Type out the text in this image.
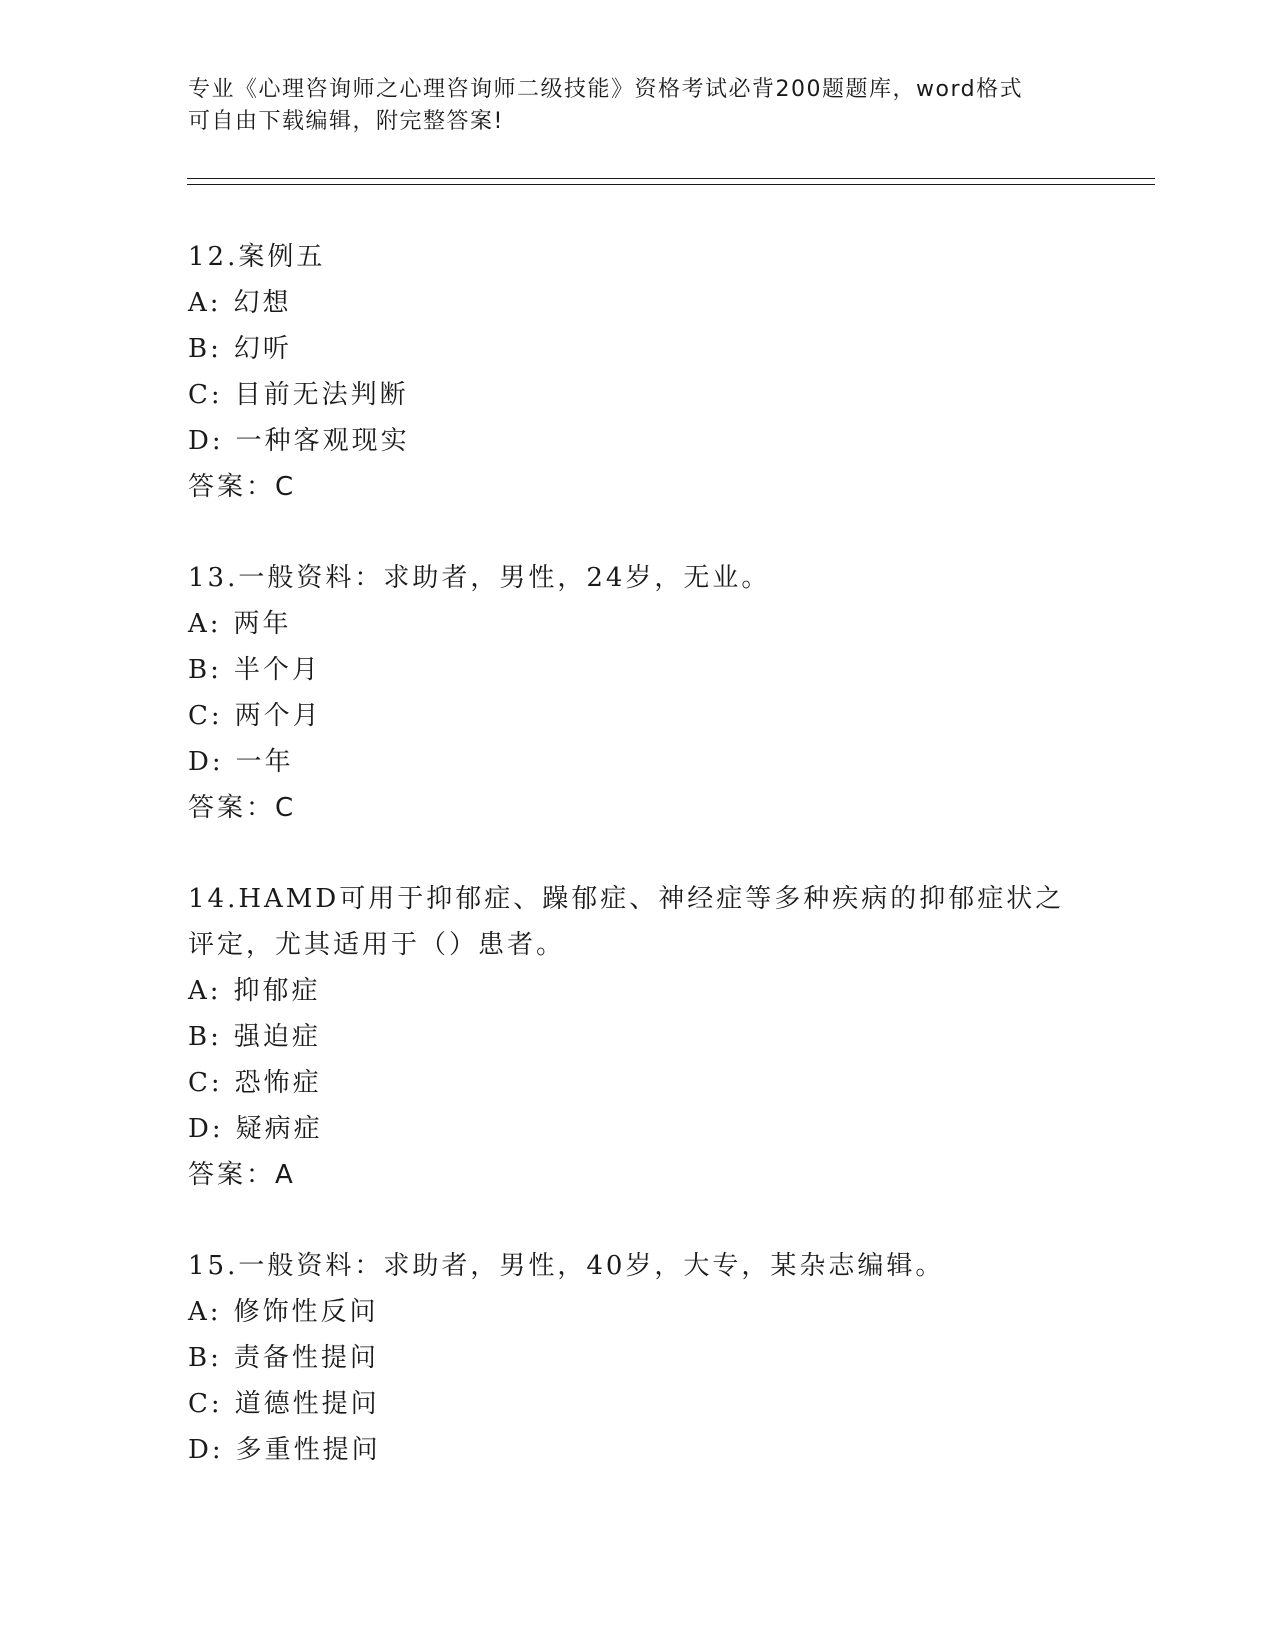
专业《心理咨询师之心理咨询师二级技能》资格考试必背200题题库，word格式
可自由下载编辑，附完整答案!
12.案例五
A: 幻想
B: 幻听
C: 目前无法判断
D: 一种客观现实
答案：C
13.一般资料：求助者，男性，24岁，无业。
A: 两年
B: 半个月
C: 两个月
D: 一年
答案：C
14.HAMD可用于抑郁症、躁郁症、神经症等多种疾病的抑郁症状之评定，尤其适用于（）患者。
A: 抑郁症
B: 强迫症
C: 恐怖症
D: 疑病症
答案：A
15.一般资料：求助者，男性，40岁，大专，某杂志编辑。
A: 修饰性反问
B: 责备性提问
C: 道德性提问
D: 多重性提问
